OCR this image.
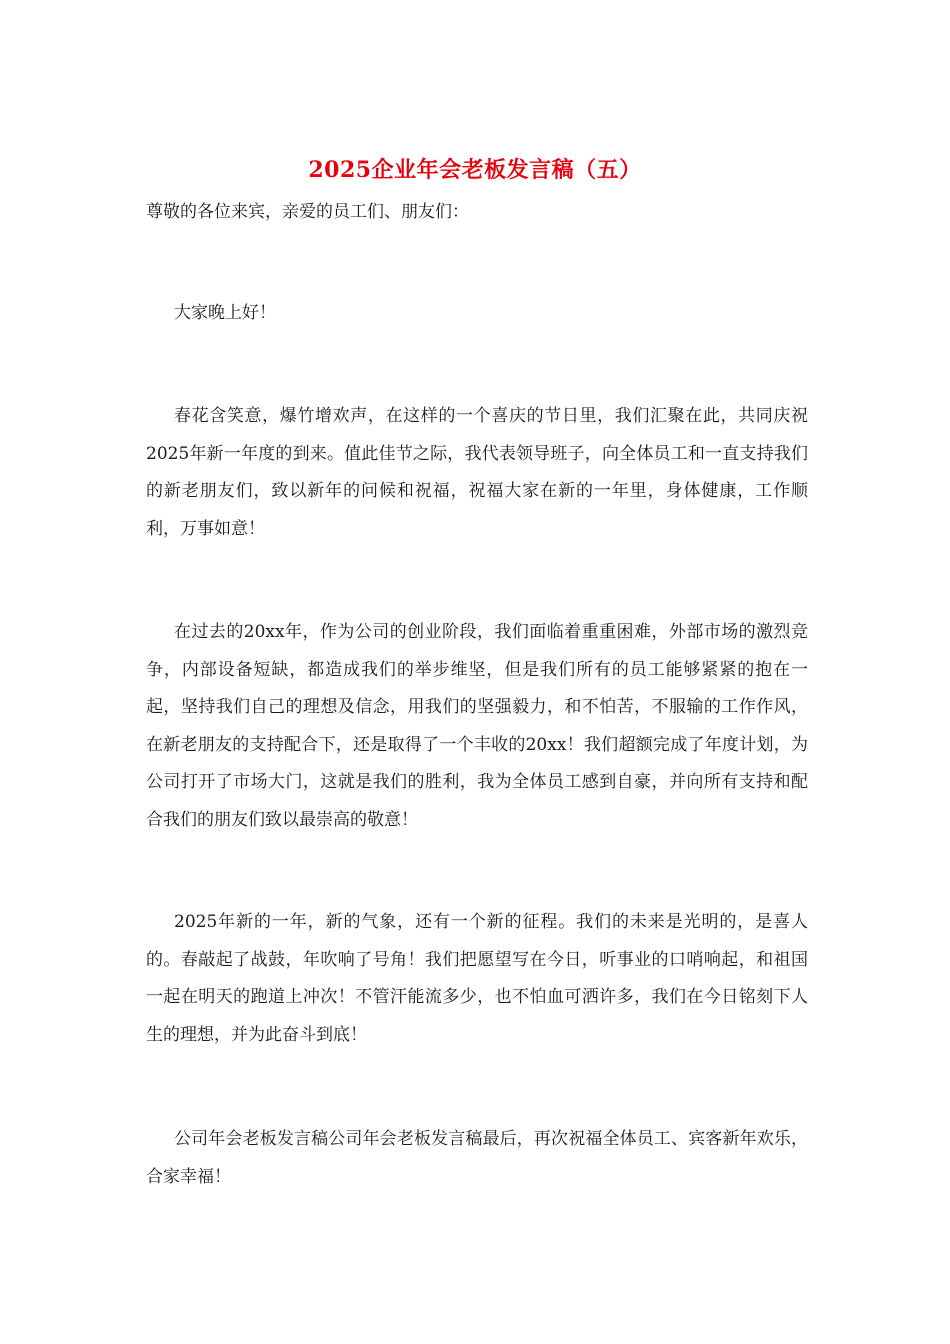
2025企业年会老板发言稿（五）
尊敬的各位来宾，亲爱的员工们、朋友们：

大家晚上好！

春花含笑意，爆竹增欢声，在这样的一个喜庆的节日里，我们汇聚在此，共同庆祝2025年新一年度的到来。值此佳节之际，我代表领导班子，向全体员工和一直支持我们的新老朋友们，致以新年的问候和祝福，祝福大家在新的一年里，身体健康，工作顺利，万事如意！

在过去的20xx年，作为公司的创业阶段，我们面临着重重困难，外部市场的激烈竞争，内部设备短缺，都造成我们的举步维坚，但是我们所有的员工能够紧紧的抱在一起，坚持我们自己的理想及信念，用我们的坚强毅力，和不怕苦，不服输的工作作风，在新老朋友的支持配合下，还是取得了一个丰收的20xx！我们超额完成了年度计划，为公司打开了市场大门，这就是我们的胜利，我为全体员工感到自豪，并向所有支持和配合我们的朋友们致以最崇高的敬意！

2025年新的一年，新的气象，还有一个新的征程。我们的未来是光明的，是喜人的。春敲起了战鼓，年吹响了号角！我们把愿望写在今日，听事业的口哨响起，和祖国一起在明天的跑道上冲次！不管汗能流多少，也不怕血可洒许多，我们在今日铭刻下人生的理想，并为此奋斗到底！

公司年会老板发言稿公司年会老板发言稿最后，再次祝福全体员工、宾客新年欢乐，合家幸福！
